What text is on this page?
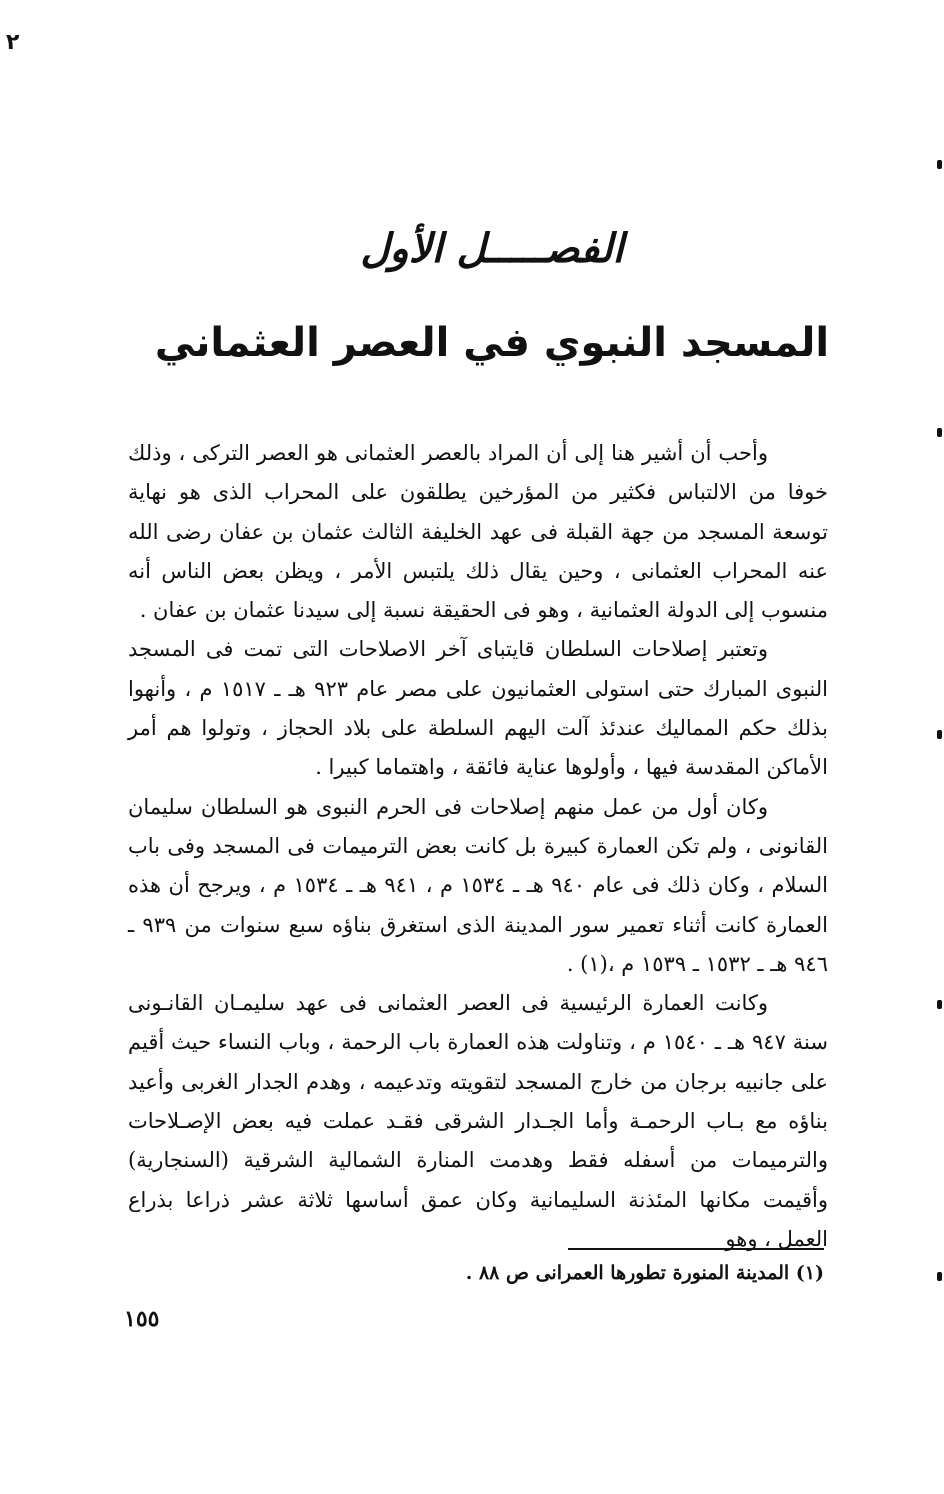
٢
الفصـــــل الأول
المسجد النبوي في العصر العثماني

وأحب أن أشير هنا إلى أن المراد بالعصر العثمانى هو العصر التركى ، وذلك خوفا من الالتباس فكثير من المؤرخين يطلقون على المحراب الذى هو نهاية توسعة المسجد من جهة القبلة فى عهد الخليفة الثالث عثمان بن عفان رضى الله عنه المحراب العثمانى ، وحين يقال ذلك يلتبس الأمر ، ويظن بعض الناس أنه منسوب إلى الدولة العثمانية ، وهو فى الحقيقة نسبة إلى سيدنا عثمان بن عفان .

وتعتبر إصلاحات السلطان قايتباى آخر الاصلاحات التى تمت فى المسجد النبوى المبارك حتى استولى العثمانيون على مصر عام ٩٢٣ هـ ـ ١٥١٧ م ، وأنهوا بذلك حكم المماليك عندئذ آلت اليهم السلطة على بلاد الحجاز ، وتولوا هم أمر الأماكن المقدسة فيها ، وأولوها عناية فائقة ، واهتماما كبيرا .

وكان أول من عمل منهم إصلاحات فى الحرم النبوى هو السلطان سليمان القانونى ، ولم تكن العمارة كبيرة بل كانت بعض الترميمات فى المسجد وفى باب السلام ، وكان ذلك فى عام ٩٤٠ هـ ـ ١٥٣٤ م ، ٩٤١ هـ ـ ١٥٣٤ م ، ويرجح أن هذه العمارة كانت أثناء تعمير سور المدينة الذى استغرق بناؤه سبع سنوات من ٩٣٩ ـ ٩٤٦ هـ ـ ١٥٣٢ ـ ١٥٣٩ م ،(١) .

وكانت العمارة الرئيسية فى العصر العثمانى فى عهد سليمـان القانـونى سنة ٩٤٧ هـ ـ ١٥٤٠ م ، وتناولت هذه العمارة باب الرحمة ، وباب النساء حيث أقيم على جانبيه برجان من خارج المسجد لتقويته وتدعيمه ، وهدم الجدار الغربى وأعيد بناؤه مع بـاب الرحمـة وأما الجـدار الشرقى فقـد عملت فيه بعض الإصـلاحات والترميمات من أسفله فقط وهدمت المنارة الشمالية الشرقية (السنجارية) وأقيمت مكانها المئذنة السليمانية وكان عمق أساسها ثلاثة عشر ذراعا بذراع العمل ، وهو

(١) المدينة المنورة تطورها العمرانى ص ٨٨ .
١٥٥
